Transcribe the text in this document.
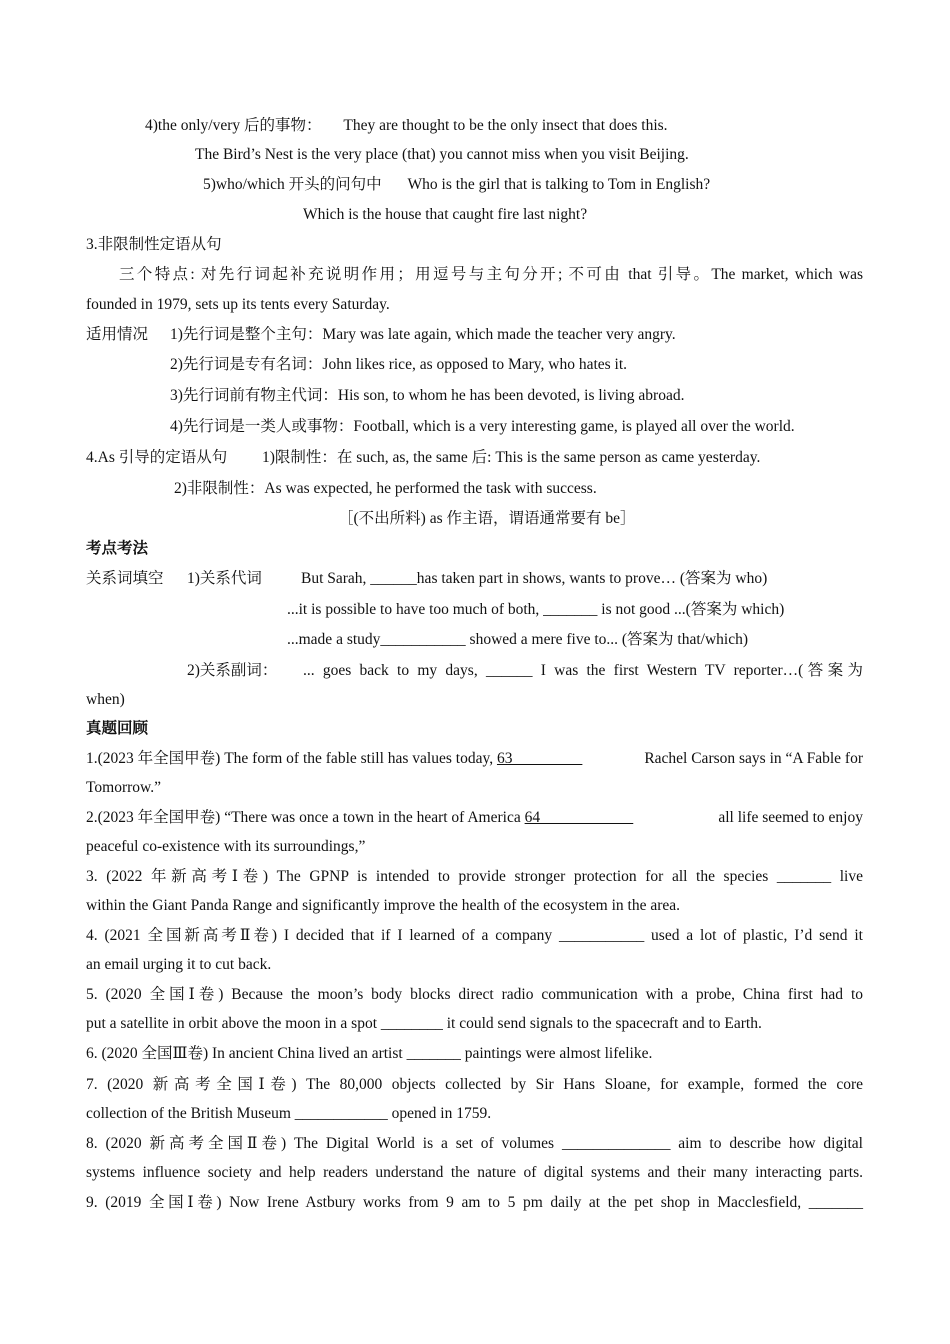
4)the only/very 后的事物： They are thought to be the only insect that does this.
The Bird’s Nest is the very place (that) you cannot miss when you visit Beijing.
5)who/which 开头的问句中 Who is the girl that is talking to Tom in English?
Which is the house that caught fire last night?
3.非限制性定语从句
三个特点: 对先行词起补充说明作用；用逗号与主句分开; 不可由 that 引导。The market, which was
founded in 1979, sets up its tents every Saturday.
适用情况 1)先行词是整个主句：Mary was late again, which made the teacher very angry.
2)先行词是专有名词：John likes rice, as opposed to Mary, who hates it.
3)先行词前有物主代词：His son, to whom he has been devoted, is living abroad.
4)先行词是一类人或事物：Football, which is a very interesting game, is played all over the world.
4.As 引导的定语从句 1)限制性：在 such, as, the same 后: This is the same person as came yesterday.
2)非限制性：As was expected, he performed the task with success.
［(不出所料) as 作主语，谓语通常要有 be］
考点考法
关系词填空 1)关系代词	But Sarah, ______has taken part in shows, wants to prove… (答案为 who)
...it is possible to have too much of both, _______ is not good ...(答案为 which)
...made a study___________ showed a mere five to... (答案为 that/which)
2)关系副词： ... goes back to my days, ______ I was the first Western TV reporter…(答案为
when)
真题回顾
1.(2023 年全国甲卷) The form of the fable still has values today, 63_________	Rachel Carson says in “A Fable for
Tomorrow.”
2.(2023 年全国甲卷) “There was once a town in the heart of America 64____________	all life seemed to enjoy
peaceful co-existence with its surroundings,”
3. (2022 年新高考Ⅰ卷) The GPNP is intended to provide stronger protection for all the species _______ live
within the Giant Panda Range and significantly improve the health of the ecosystem in the area.
4. (2021 全国新高考Ⅱ卷) I decided that if I learned of a company ___________ used a lot of plastic, I’d send it
an email urging it to cut back.
5. (2020 全国Ⅰ卷) Because the moon’s body blocks direct radio communication with a probe, China first had to
put a satellite in orbit above the moon in a spot ________ it could send signals to the spacecraft and to Earth.
6. (2020 全国Ⅲ卷) In ancient China lived an artist _______ paintings were almost lifelike.
7. (2020 新高考全国Ⅰ卷) The 80,000 objects collected by Sir Hans Sloane, for example, formed the core
collection of the British Museum ____________ opened in 1759.
8. (2020 新高考全国Ⅱ卷) The Digital World is a set of volumes ______________ aim to describe how digital
systems influence society and help readers understand the nature of digital systems and their many interacting parts.
9. (2019 全国Ⅰ卷) Now Irene Astbury works from 9 am to 5 pm daily at the pet shop in Macclesfield, _______
